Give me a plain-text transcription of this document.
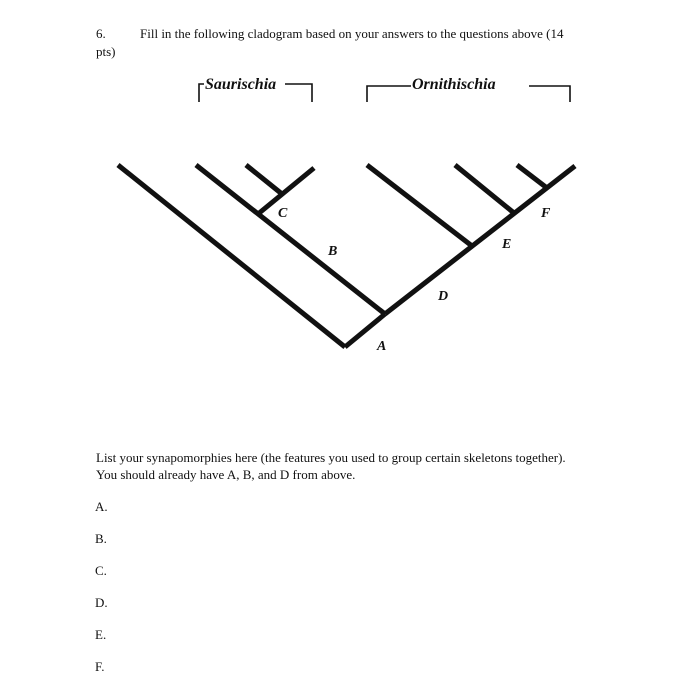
6.	Fill in the following cladogram based on your answers to the questions above (14
pts)
Saurischia	Ornithischia
A
B
C
D
E
F
List your synapomorphies here (the features you used to group certain skeletons together). You should already have A, B, and D from above.
A.
B.
C.
D.
E.
F.
